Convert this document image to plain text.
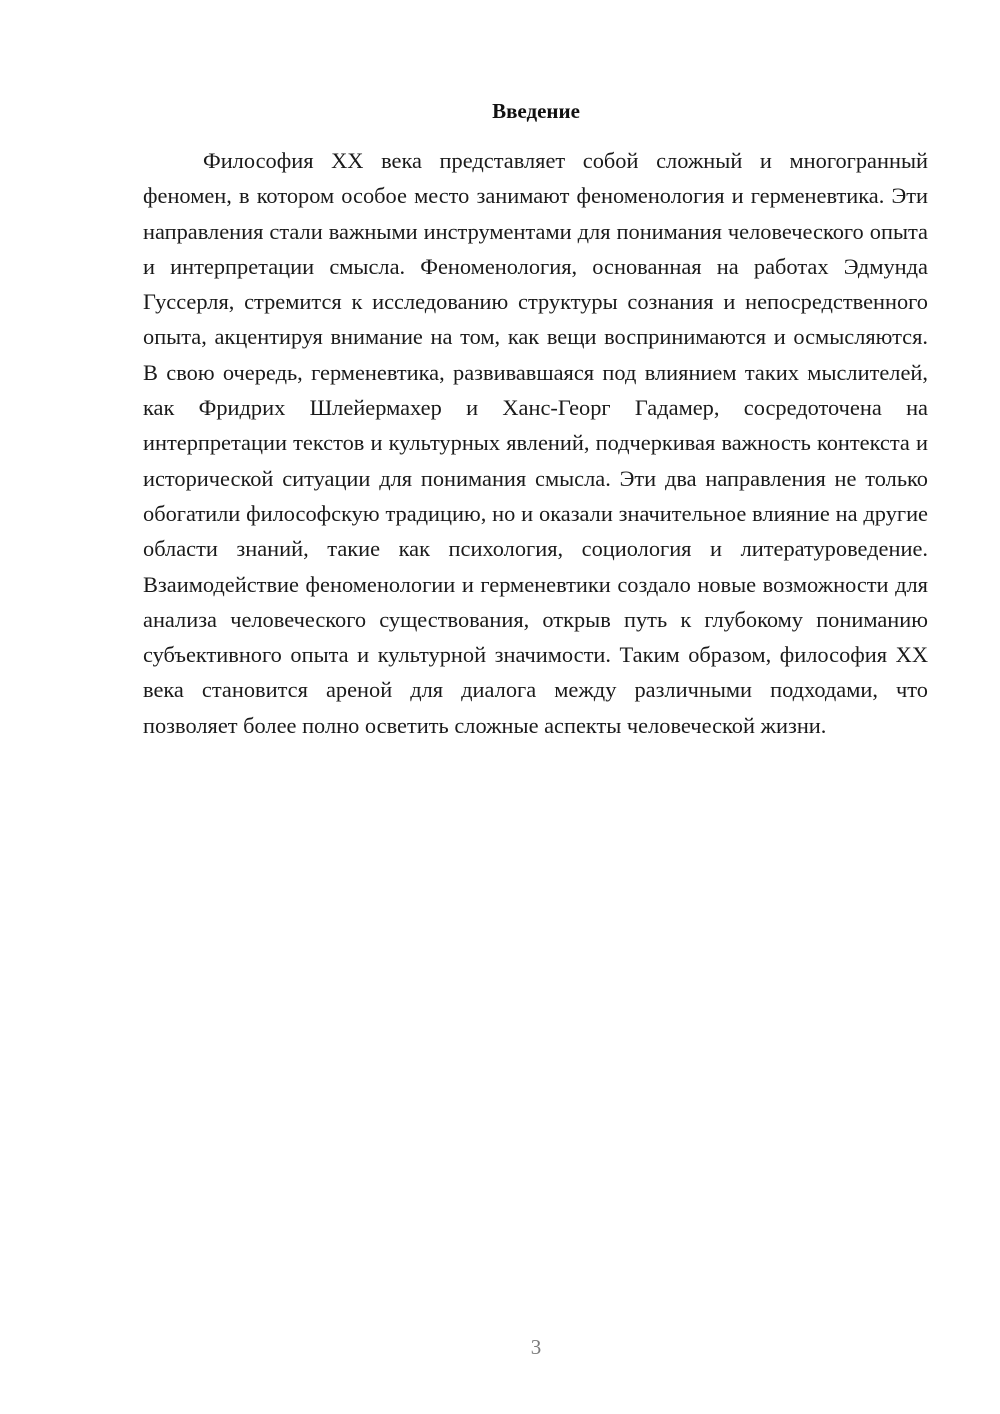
Введение

Философия XX века представляет собой сложный и многогранный феномен, в котором особое место занимают феноменология и герменевтика. Эти направления стали важными инструментами для понимания человеческого опыта и интерпретации смысла. Феноменология, основанная на работах Эдмунда Гуссерля, стремится к исследованию структуры сознания и непосредственного опыта, акцентируя внимание на том, как вещи воспринимаются и осмысляются. В свою очередь, герменевтика, развивавшаяся под влиянием таких мыслителей, как Фридрих Шлейермахер и Ханс-Георг Гадамер, сосредоточена на интерпретации текстов и культурных явлений, подчеркивая важность контекста и исторической ситуации для понимания смысла. Эти два направления не только обогатили философскую традицию, но и оказали значительное влияние на другие области знаний, такие как психология, социология и литературоведение. Взаимодействие феноменологии и герменевтики создало новые возможности для анализа человеческого существования, открыв путь к глубокому пониманию субъективного опыта и культурной значимости. Таким образом, философия XX века становится ареной для диалога между различными подходами, что позволяет более полно осветить сложные аспекты человеческой жизни.

3
